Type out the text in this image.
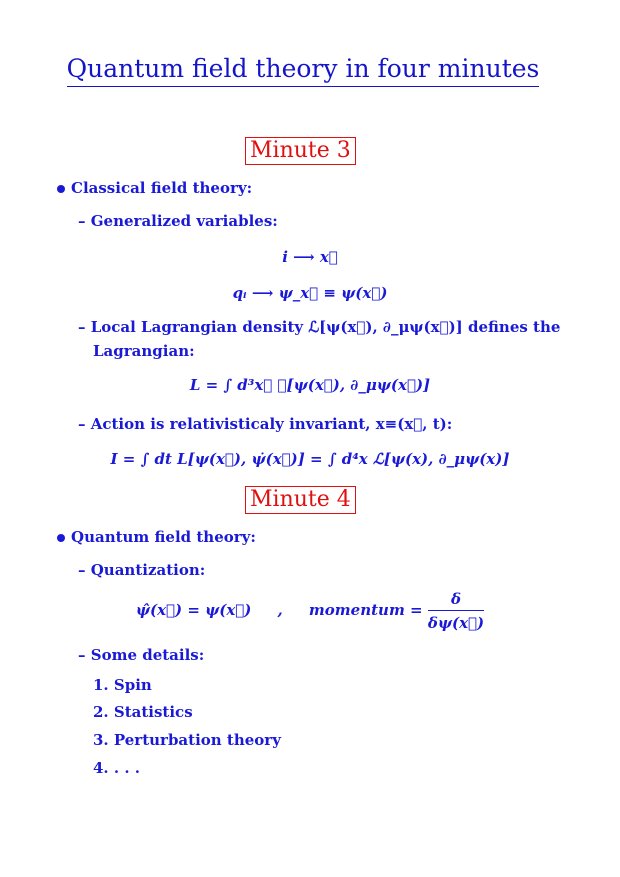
Quantum field theory in four minutes
Minute 3
Classical field theory:
– Generalized variables:
i ⟶ x⃗
qᵢ ⟶ ψ_x⃗ ≡ ψ(x⃗)
– Local Lagrangian density ℒ[ψ(x⃗), ∂_μψ(x⃗)] defines the
Lagrangian:
L = ∫ d³x⃗ ℒ[ψ(x⃗), ∂_μψ(x⃗)]
– Action is relativisticaly invariant, x≡(x⃗, t):
I = ∫ dt L[ψ(x⃗), ψ̇(x⃗)] = ∫ d⁴x ℒ[ψ(x), ∂_μψ(x)]
Minute 4
Quantum field theory:
– Quantization:
ψ̂(x⃗) = ψ(x⃗) , momentum = $\frac{\delta}{\delta\psi(x⃗)}$
– Some details:
1. Spin
2. Statistics
3. Perturbation theory
4. . . .
